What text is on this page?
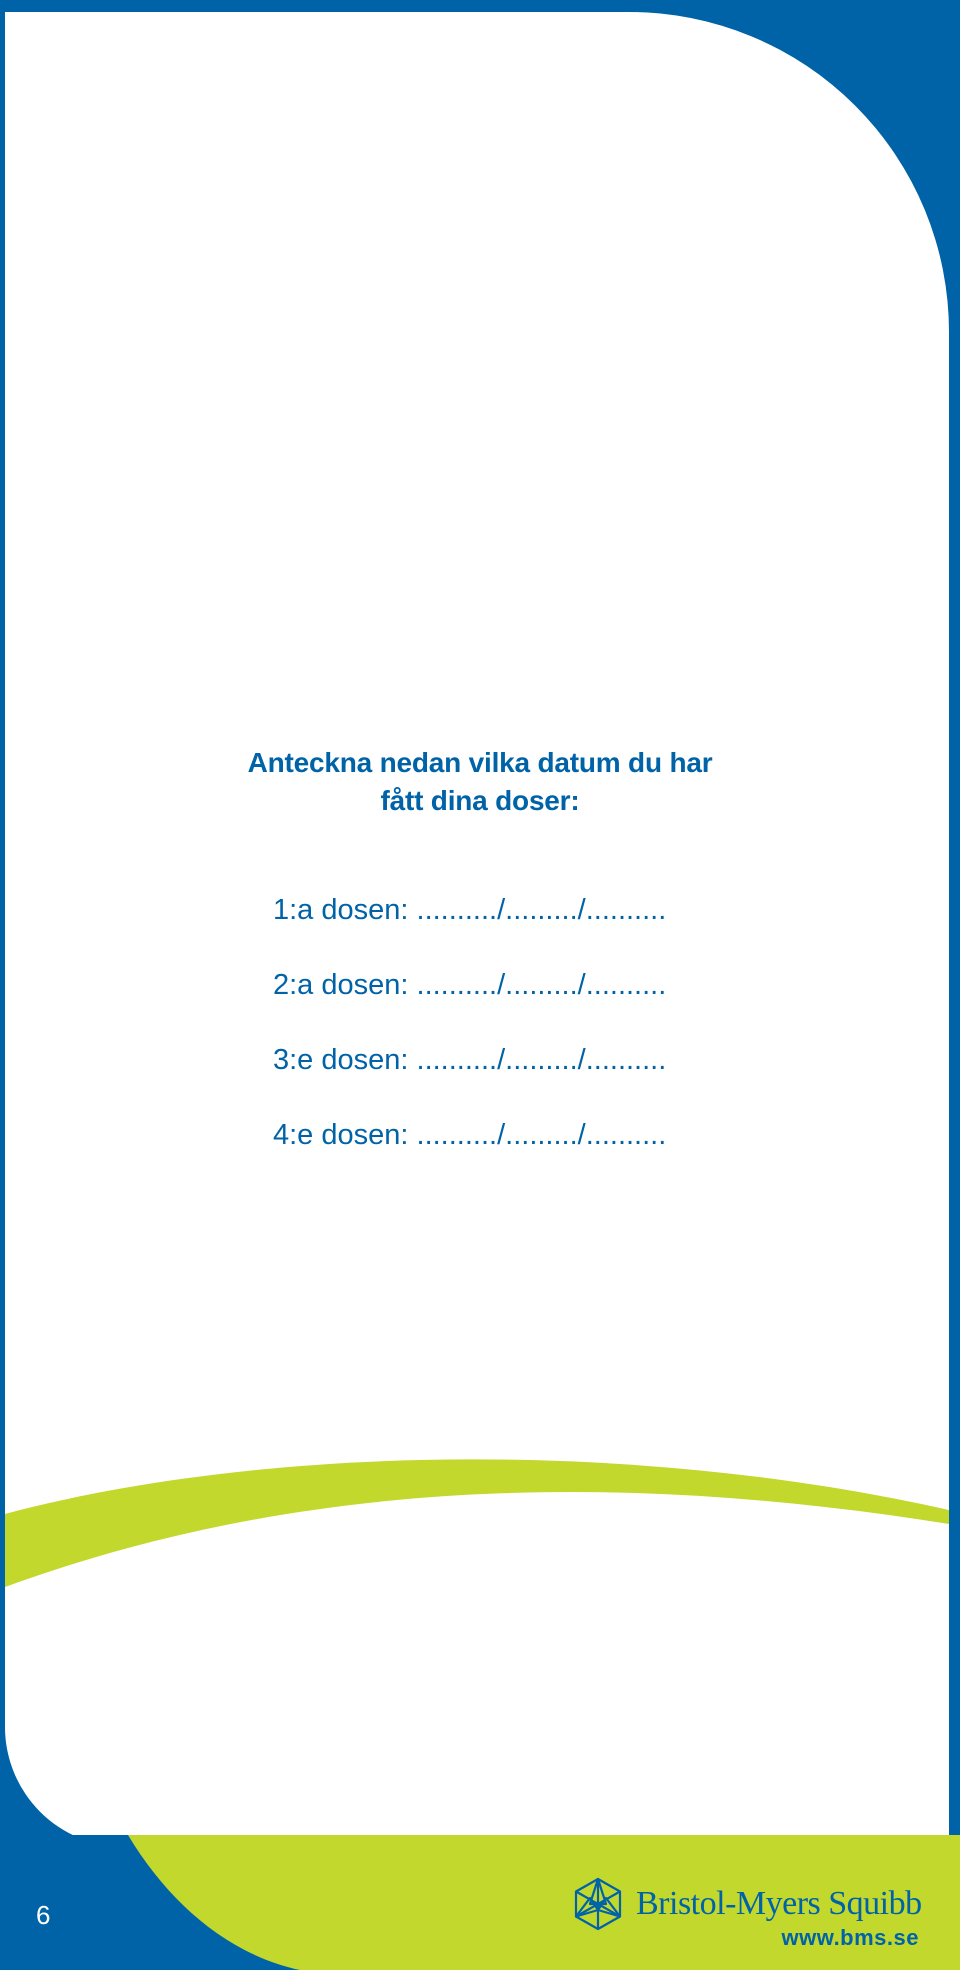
Anteckna nedan vilka datum du har
fått dina doser:
1:a dosen: ........../........./..........
2:a dosen: ........../........./..........
3:e dosen: ........../........./..........
4:e dosen: ........../........./..........
6	Bristol-Myers Squibb
www.bms.se
